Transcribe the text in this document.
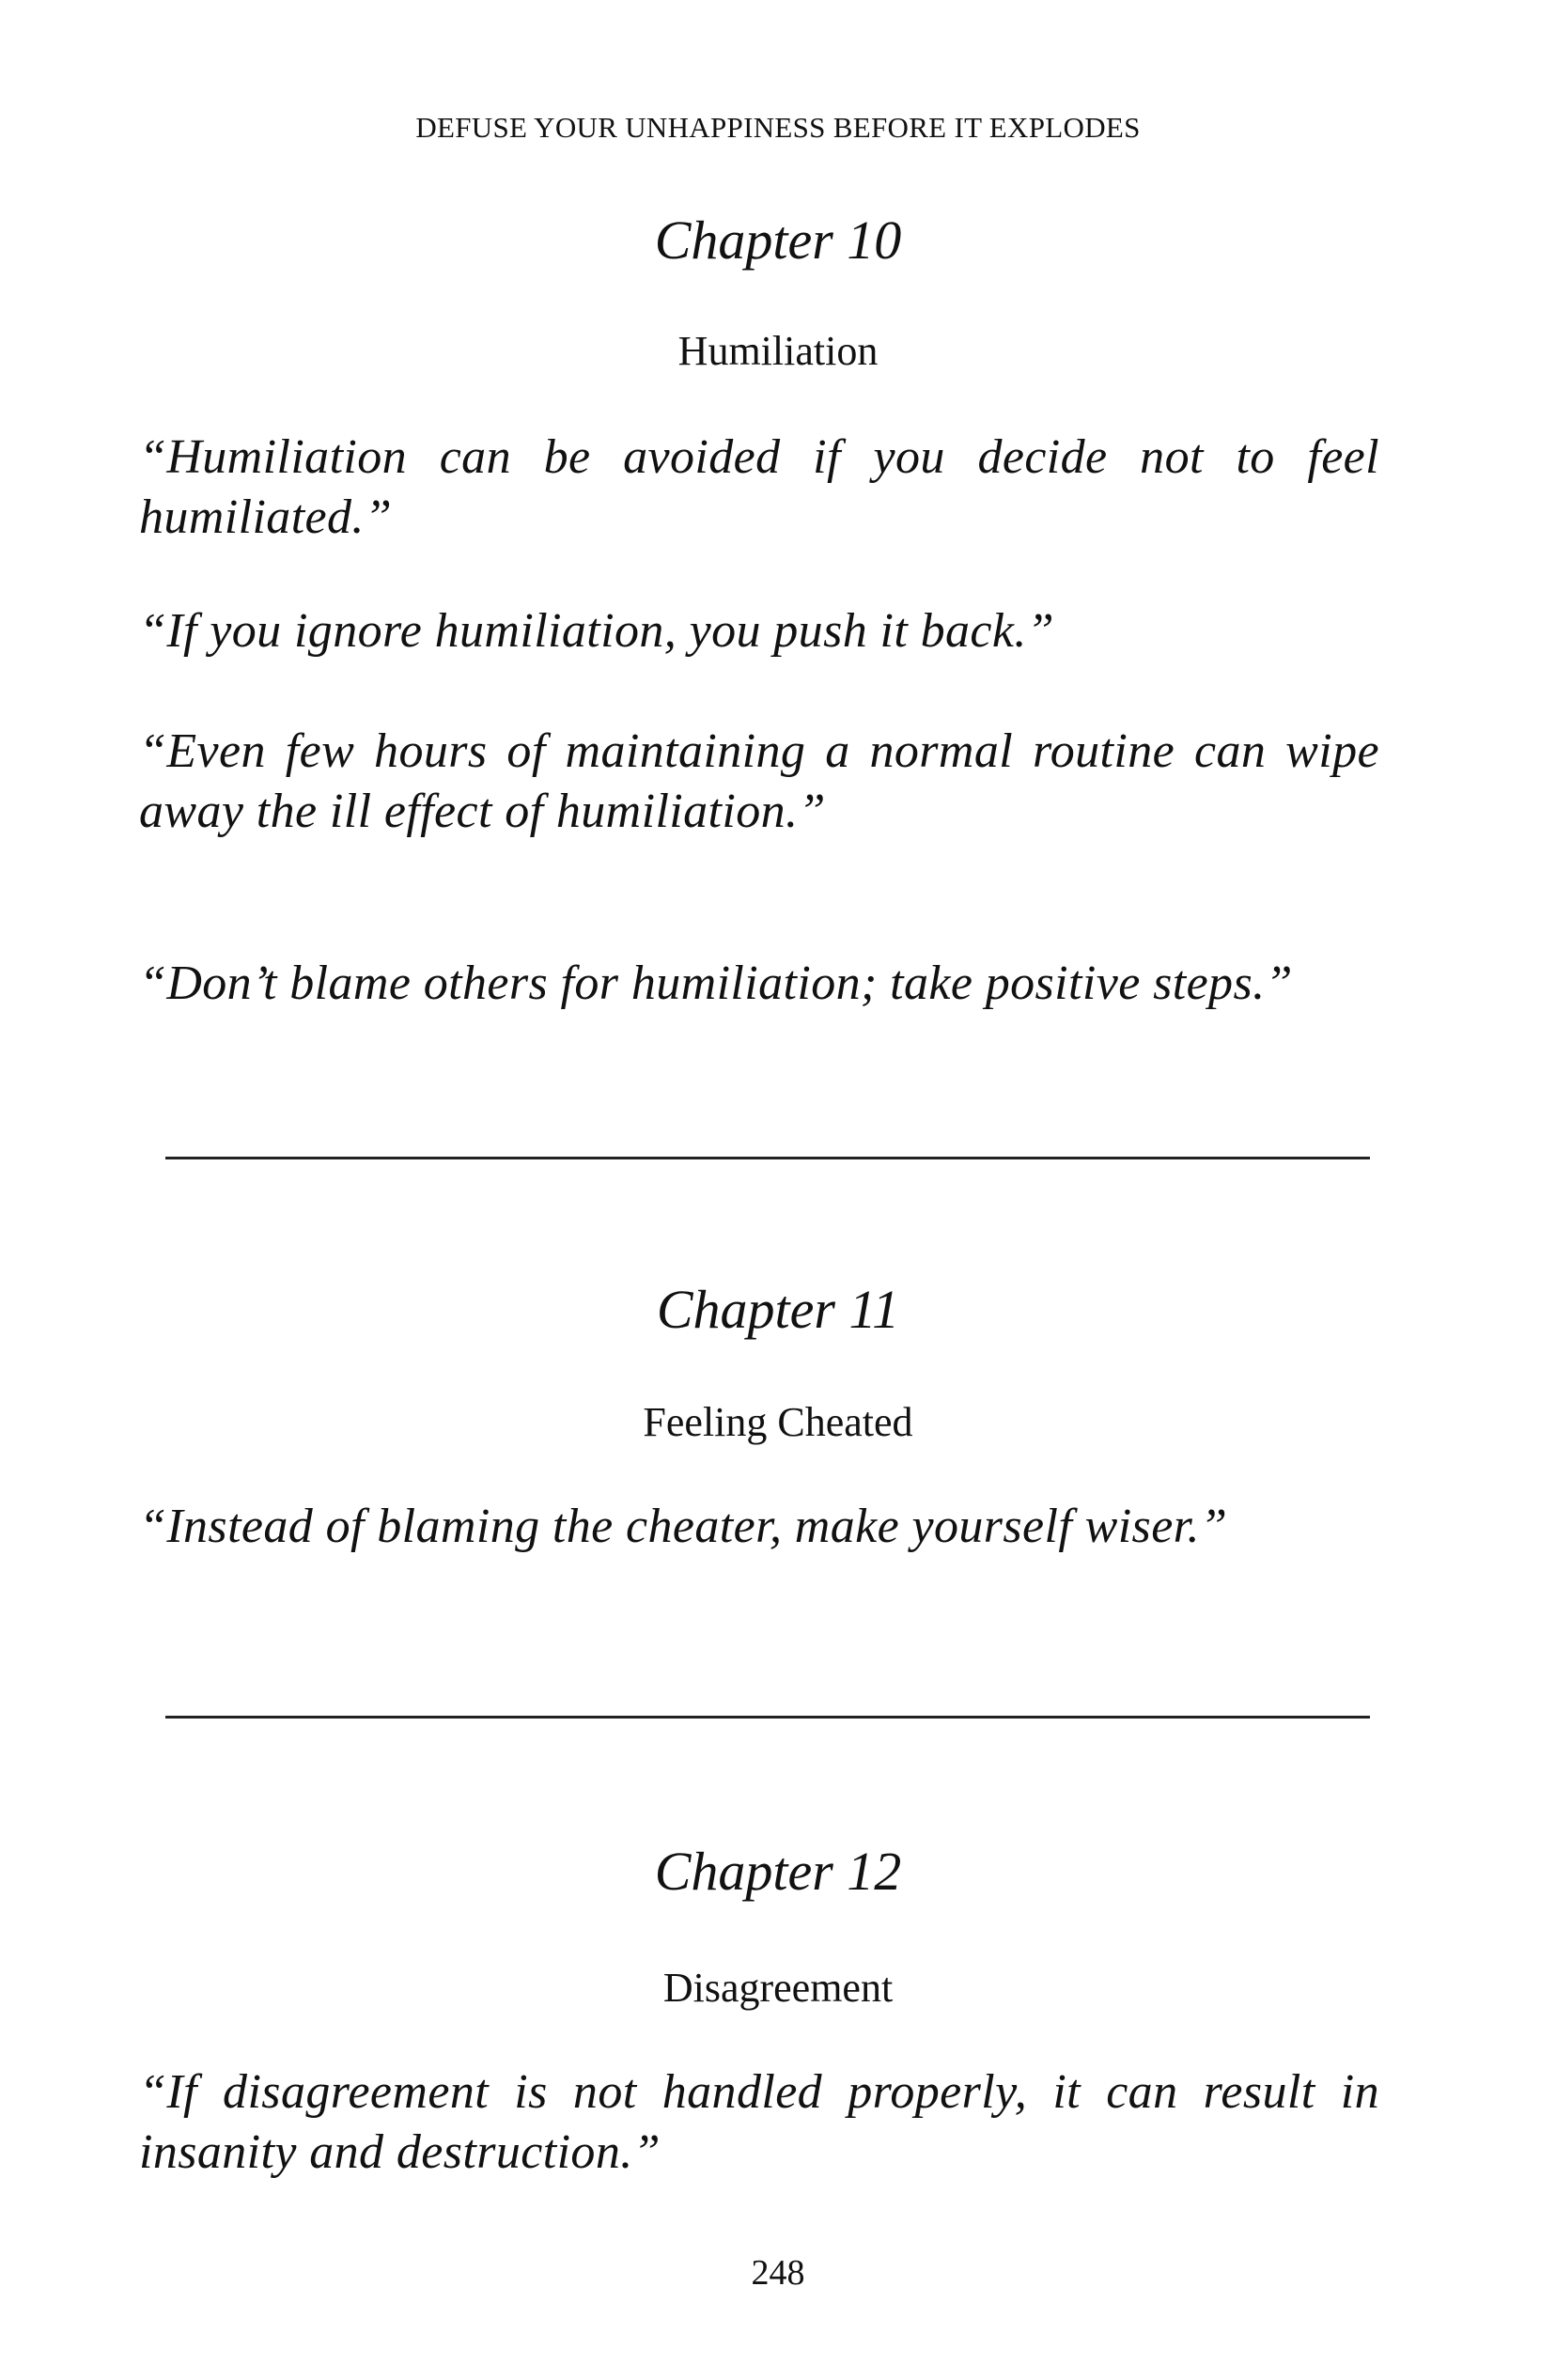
DEFUSE YOUR UNHAPPINESS BEFORE IT EXPLODES
Chapter 10
Humiliation

“Humiliation can be avoided if you decide not to feel humiliated.”

“If you ignore humiliation, you push it back.”

“Even few hours of maintaining a normal routine can wipe away the ill effect of humiliation.”

“Don’t blame others for humiliation; take positive steps.”

Chapter 11
Feeling Cheated

“Instead of blaming the cheater, make yourself wiser.”

Chapter 12
Disagreement

“If disagreement is not handled properly, it can result in insanity and destruction.”

248
